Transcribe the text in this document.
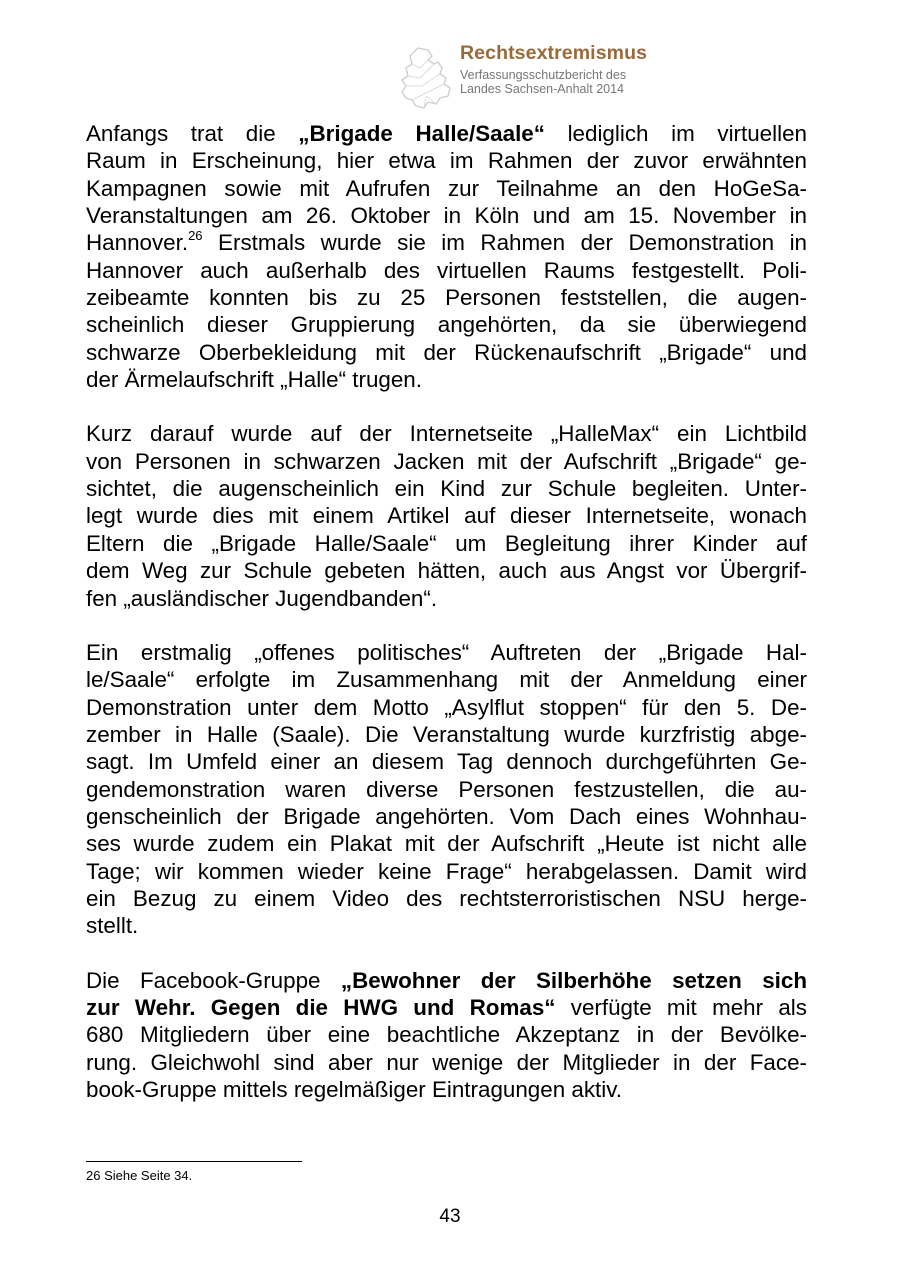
Rechtsextremismus
Verfassungsschutzbericht des
Landes Sachsen-Anhalt 2014
Anfangs trat die „Brigade Halle/Saale“ lediglich im virtuellen
Raum in Erscheinung, hier etwa im Rahmen der zuvor erwähnten
Kampagnen sowie mit Aufrufen zur Teilnahme an den HoGeSa-
Veranstaltungen am 26. Oktober in Köln und am 15. November in
Hannover.$^{26}$ Erstmals wurde sie im Rahmen der Demonstration in
Hannover auch außerhalb des virtuellen Raums festgestellt. Poli-
zeibeamte konnten bis zu 25 Personen feststellen, die augen-
scheinlich dieser Gruppierung angehörten, da sie überwiegend
schwarze Oberbekleidung mit der Rückenaufschrift „Brigade“ und
der Ärmelaufschrift „Halle“ trugen.
Kurz darauf wurde auf der Internetseite „HalleMax“ ein Lichtbild
von Personen in schwarzen Jacken mit der Aufschrift „Brigade“ ge-
sichtet, die augenscheinlich ein Kind zur Schule begleiten. Unter-
legt wurde dies mit einem Artikel auf dieser Internetseite, wonach
Eltern die „Brigade Halle/Saale“ um Begleitung ihrer Kinder auf
dem Weg zur Schule gebeten hätten, auch aus Angst vor Übergrif-
fen „ausländischer Jugendbanden“.
Ein erstmalig „offenes politisches“ Auftreten der „Brigade Hal-
le/Saale“ erfolgte im Zusammenhang mit der Anmeldung einer
Demonstration unter dem Motto „Asylflut stoppen“ für den 5. De-
zember in Halle (Saale). Die Veranstaltung wurde kurzfristig abge-
sagt. Im Umfeld einer an diesem Tag dennoch durchgeführten Ge-
gendemonstration waren diverse Personen festzustellen, die au-
genscheinlich der Brigade angehörten. Vom Dach eines Wohnhau-
ses wurde zudem ein Plakat mit der Aufschrift „Heute ist nicht alle
Tage; wir kommen wieder keine Frage“ herabgelassen. Damit wird
ein Bezug zu einem Video des rechtsterroristischen NSU herge-
stellt.
Die Facebook-Gruppe „Bewohner der Silberhöhe setzen sich
zur Wehr. Gegen die HWG und Romas“ verfügte mit mehr als
680 Mitgliedern über eine beachtliche Akzeptanz in der Bevölke-
rung. Gleichwohl sind aber nur wenige der Mitglieder in der Face-
book-Gruppe mittels regelmäßiger Eintragungen aktiv.
26 Siehe Seite 34.
43
